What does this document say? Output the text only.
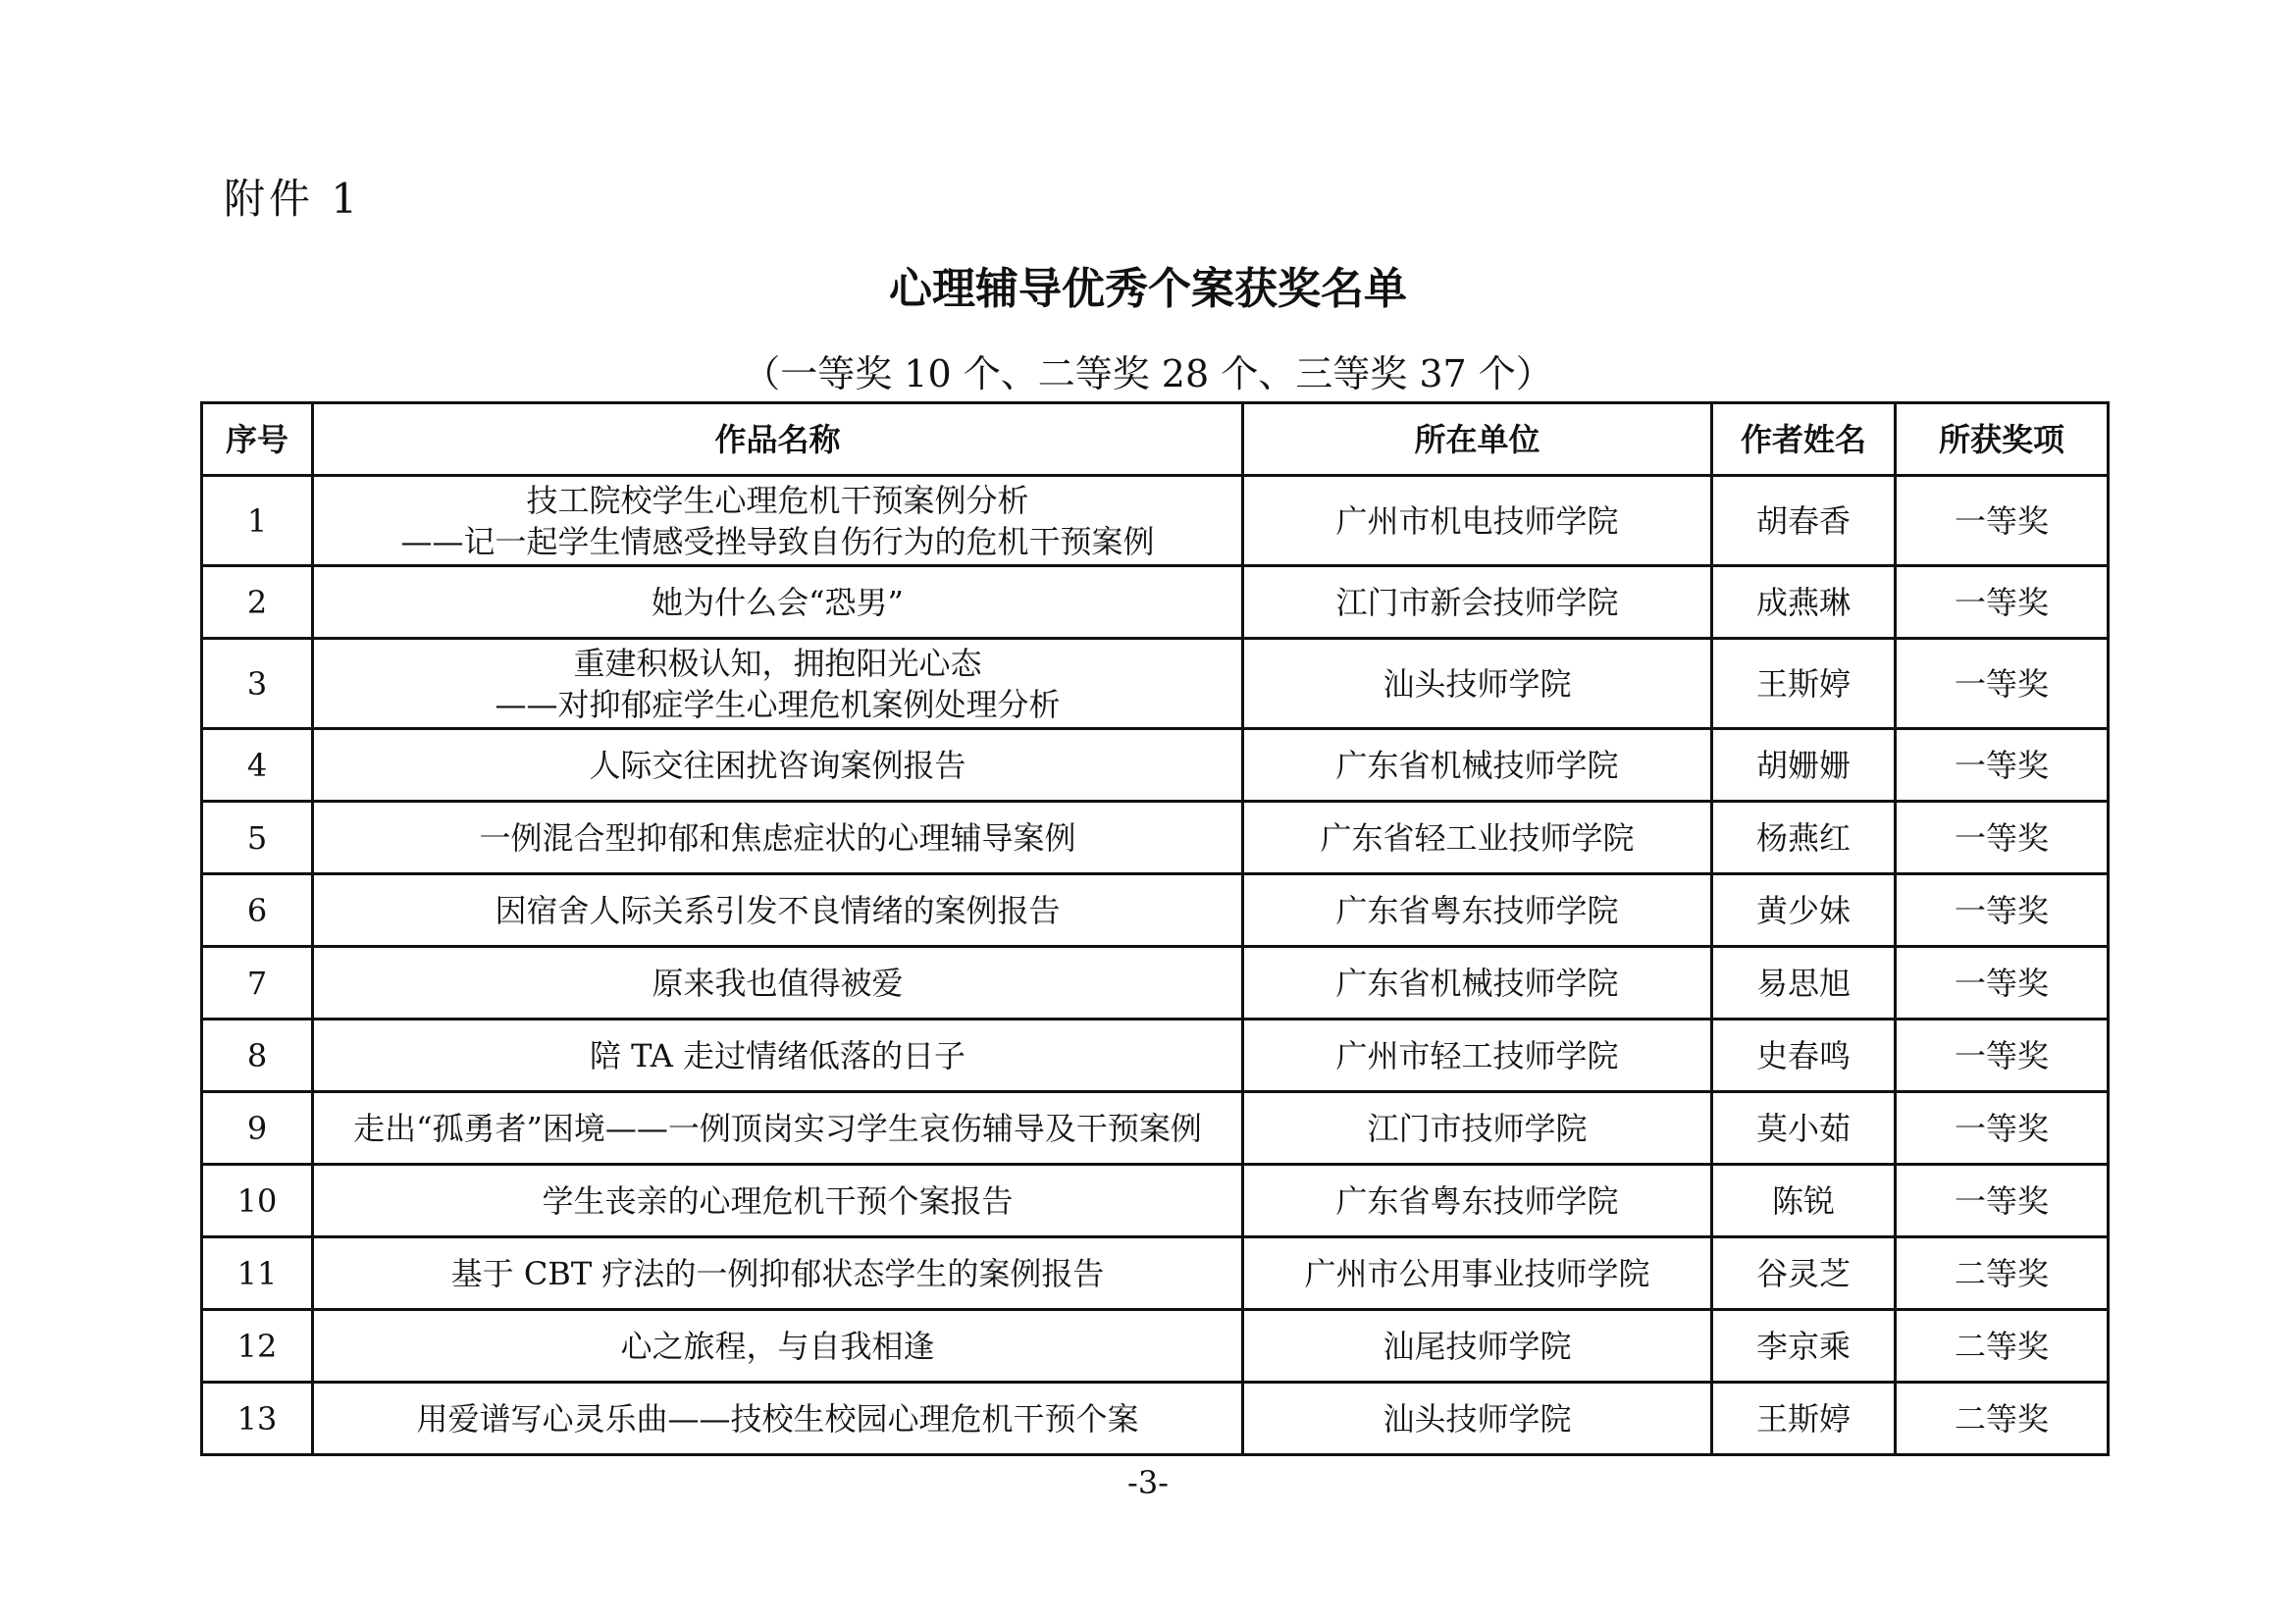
附件 1
心理辅导优秀个案获奖名单
（一等奖 10 个、二等奖 28 个、三等奖 37 个）
序号	作品名称	所在单位	作者姓名	所获奖项
1	技工院校学生心理危机干预案例分析
——记一起学生情感受挫导致自伤行为的危机干预案例	广州市机电技师学院	胡春香	一等奖
2	她为什么会“恐男”	江门市新会技师学院	成燕琳	一等奖
3	重建积极认知，拥抱阳光心态
——对抑郁症学生心理危机案例处理分析	汕头技师学院	王斯婷	一等奖
4	人际交往困扰咨询案例报告	广东省机械技师学院	胡姗姗	一等奖
5	一例混合型抑郁和焦虑症状的心理辅导案例	广东省轻工业技师学院	杨燕红	一等奖
6	因宿舍人际关系引发不良情绪的案例报告	广东省粤东技师学院	黄少妹	一等奖
7	原来我也值得被爱	广东省机械技师学院	易思旭	一等奖
8	陪 TA 走过情绪低落的日子	广州市轻工技师学院	史春鸣	一等奖
9	走出“孤勇者”困境——一例顶岗实习学生哀伤辅导及干预案例	江门市技师学院	莫小茹	一等奖
10	学生丧亲的心理危机干预个案报告	广东省粤东技师学院	陈锐	一等奖
11	基于 CBT 疗法的一例抑郁状态学生的案例报告	广州市公用事业技师学院	谷灵芝	二等奖
12	心之旅程，与自我相逢	汕尾技师学院	李京乘	二等奖
13	用爱谱写心灵乐曲——技校生校园心理危机干预个案	汕头技师学院	王斯婷	二等奖
-3-
